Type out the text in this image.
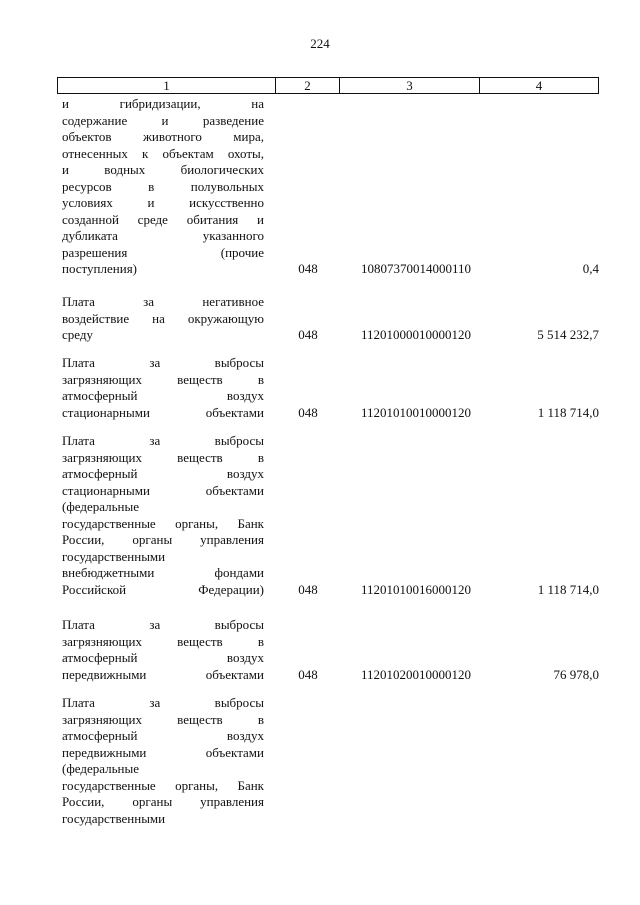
224
1	2	3	4
и гибридизации, на
содержание и разведение
объектов животного мира,
отнесенных к объектам охоты,
и водных биологических
ресурсов в полувольных
условиях и искусственно
созданной среде обитания и
дубликата указанного
разрешения (прочие
поступления)	048	10807370014000110	0,4
Плата за негативное
воздействие на окружающую
среду	048	11201000010000120	5 514 232,7
Плата за выбросы
загрязняющих веществ в
атмосферный воздух
стационарными объектами	048	11201010010000120	1 118 714,0
Плата за выбросы
загрязняющих веществ в
атмосферный воздух
стационарными объектами
(федеральные
государственные органы, Банк
России, органы управления
государственными
внебюджетными фондами
Российской Федерации)	048	11201010016000120	1 118 714,0
Плата за выбросы
загрязняющих веществ в
атмосферный воздух
передвижными объектами	048	11201020010000120	76 978,0
Плата за выбросы
загрязняющих веществ в
атмосферный воздух
передвижными объектами
(федеральные
государственные органы, Банк
России, органы управления
государственными
